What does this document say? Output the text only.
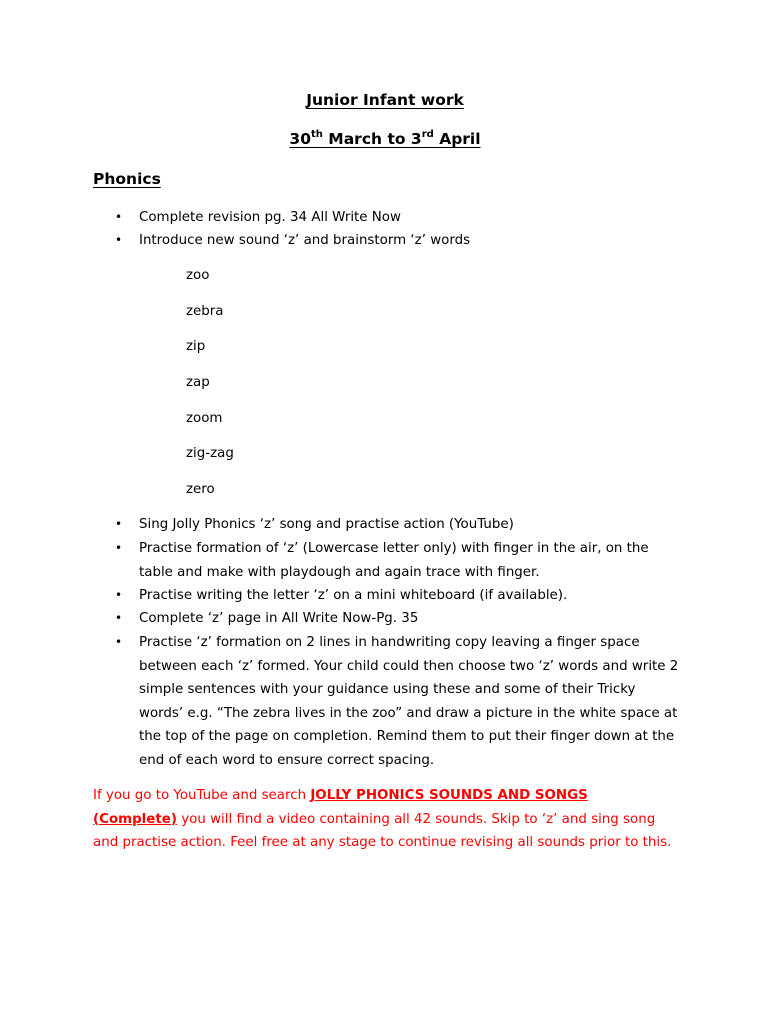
Junior Infant work
30th March to 3rd April
Phonics
• Complete revision pg. 34 All Write Now
• Introduce new sound ‘z’ and brainstorm ‘z’ words
zoo
zebra
zip
zap
zoom
zig-zag
zero
• Sing Jolly Phonics ‘z’ song and practise action (YouTube)
• Practise formation of ‘z’ (Lowercase letter only) with finger in the air, on the table and make with playdough and again trace with finger.
• Practise writing the letter ‘z’ on a mini whiteboard (if available).
• Complete ‘z’ page in All Write Now-Pg. 35
• Practise ‘z’ formation on 2 lines in handwriting copy leaving a finger space between each ‘z’ formed. Your child could then choose two ‘z’ words and write 2 simple sentences with your guidance using these and some of their Tricky words’ e.g. “The zebra lives in the zoo” and draw a picture in the white space at the top of the page on completion. Remind them to put their finger down at the end of each word to ensure correct spacing.
If you go to YouTube and search JOLLY PHONICS SOUNDS AND SONGS (Complete) you will find a video containing all 42 sounds. Skip to ‘z’ and sing song and practise action. Feel free at any stage to continue revising all sounds prior to this.
